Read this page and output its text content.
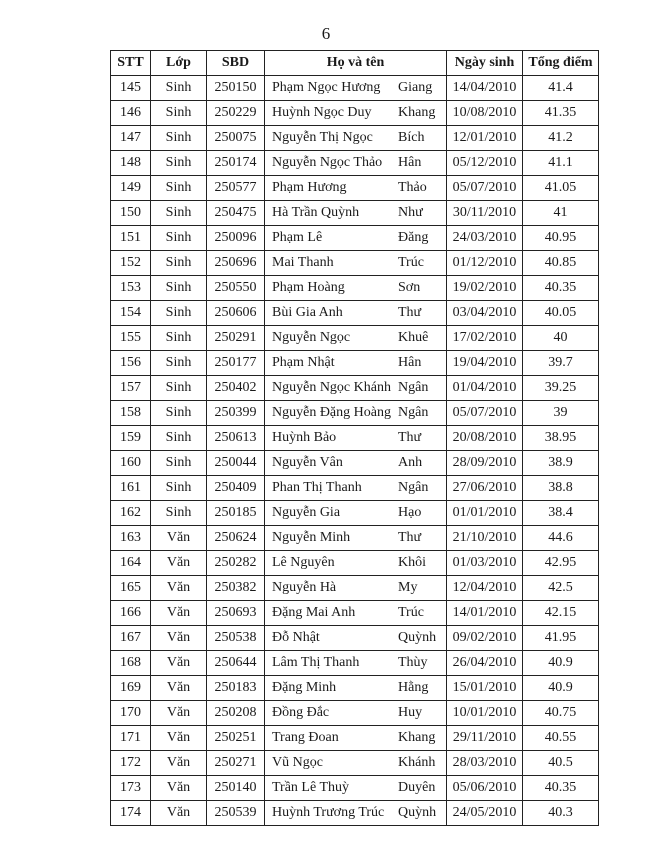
6
STT	Lớp	SBD	Họ và tên	Ngày sinh	Tổng điểm
145	Sinh	250150	Phạm Ngọc Hương Giang	14/04/2010	41.4
146	Sinh	250229	Huỳnh Ngọc Duy Khang	10/08/2010	41.35
147	Sinh	250075	Nguyễn Thị Ngọc Bích	12/01/2010	41.2
148	Sinh	250174	Nguyễn Ngọc Thảo Hân	05/12/2010	41.1
149	Sinh	250577	Phạm Hương Thảo	05/07/2010	41.05
150	Sinh	250475	Hà Trần Quỳnh Như	30/11/2010	41
151	Sinh	250096	Phạm Lê Đăng	24/03/2010	40.95
152	Sinh	250696	Mai Thanh Trúc	01/12/2010	40.85
153	Sinh	250550	Phạm Hoàng Sơn	19/02/2010	40.35
154	Sinh	250606	Bùi Gia Anh Thư	03/04/2010	40.05
155	Sinh	250291	Nguyễn Ngọc Khuê	17/02/2010	40
156	Sinh	250177	Phạm Nhật Hân	19/04/2010	39.7
157	Sinh	250402	Nguyễn Ngọc Khánh Ngân	01/04/2010	39.25
158	Sinh	250399	Nguyễn Đặng Hoàng Ngân	05/07/2010	39
159	Sinh	250613	Huỳnh Bảo Thư	20/08/2010	38.95
160	Sinh	250044	Nguyễn Vân Anh	28/09/2010	38.9
161	Sinh	250409	Phan Thị Thanh Ngân	27/06/2010	38.8
162	Sinh	250185	Nguyễn Gia Hạo	01/01/2010	38.4
163	Văn	250624	Nguyễn Minh Thư	21/10/2010	44.6
164	Văn	250282	Lê Nguyên Khôi	01/03/2010	42.95
165	Văn	250382	Nguyễn Hà My	12/04/2010	42.5
166	Văn	250693	Đặng Mai Anh Trúc	14/01/2010	42.15
167	Văn	250538	Đỗ Nhật Quỳnh	09/02/2010	41.95
168	Văn	250644	Lâm Thị Thanh Thùy	26/04/2010	40.9
169	Văn	250183	Đặng Minh Hằng	15/01/2010	40.9
170	Văn	250208	Đồng Đắc Huy	10/01/2010	40.75
171	Văn	250251	Trang Đoan Khang	29/11/2010	40.55
172	Văn	250271	Vũ Ngọc Khánh	28/03/2010	40.5
173	Văn	250140	Trần Lê Thuỳ Duyên	05/06/2010	40.35
174	Văn	250539	Huỳnh Trương Trúc Quỳnh	24/05/2010	40.3
